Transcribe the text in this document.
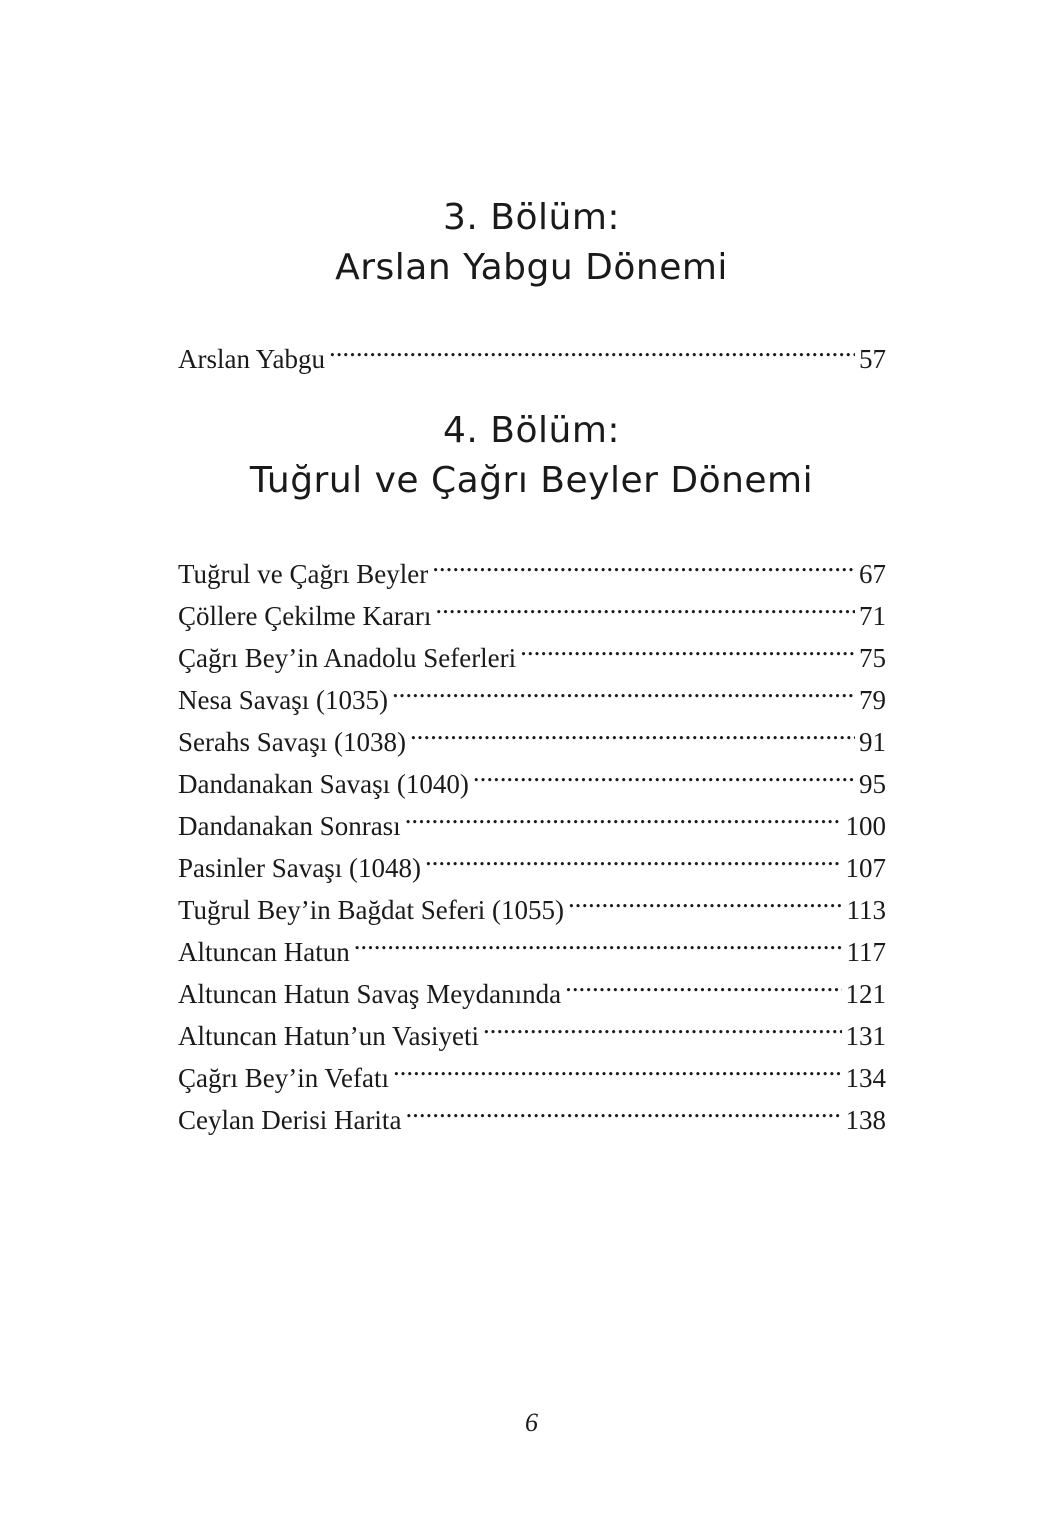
3. Bölüm:
Arslan Yabgu Dönemi
Arslan Yabgu . . .	57
4. Bölüm:
Tuğrul ve Çağrı Beyler Dönemi
Tuğrul ve Çağrı Beyler . . .	67
Çöllere Çekilme Kararı . . .	71
Çağrı Bey’in Anadolu Seferleri . . .	75
Nesa Savaşı (1035) . . .	79
Serahs Savaşı (1038) . . .	91
Dandanakan Savaşı (1040) . . .	95
Dandanakan Sonrası . . .	100
Pasinler Savaşı (1048) . . .	107
Tuğrul Bey’in Bağdat Seferi (1055) . . .	113
Altuncan Hatun . . .	117
Altuncan Hatun Savaş Meydanında . . .	121
Altuncan Hatun’un Vasiyeti . . .	131
Çağrı Bey’in Vefatı . . .	134
Ceylan Derisi Harita . . .	138
6
